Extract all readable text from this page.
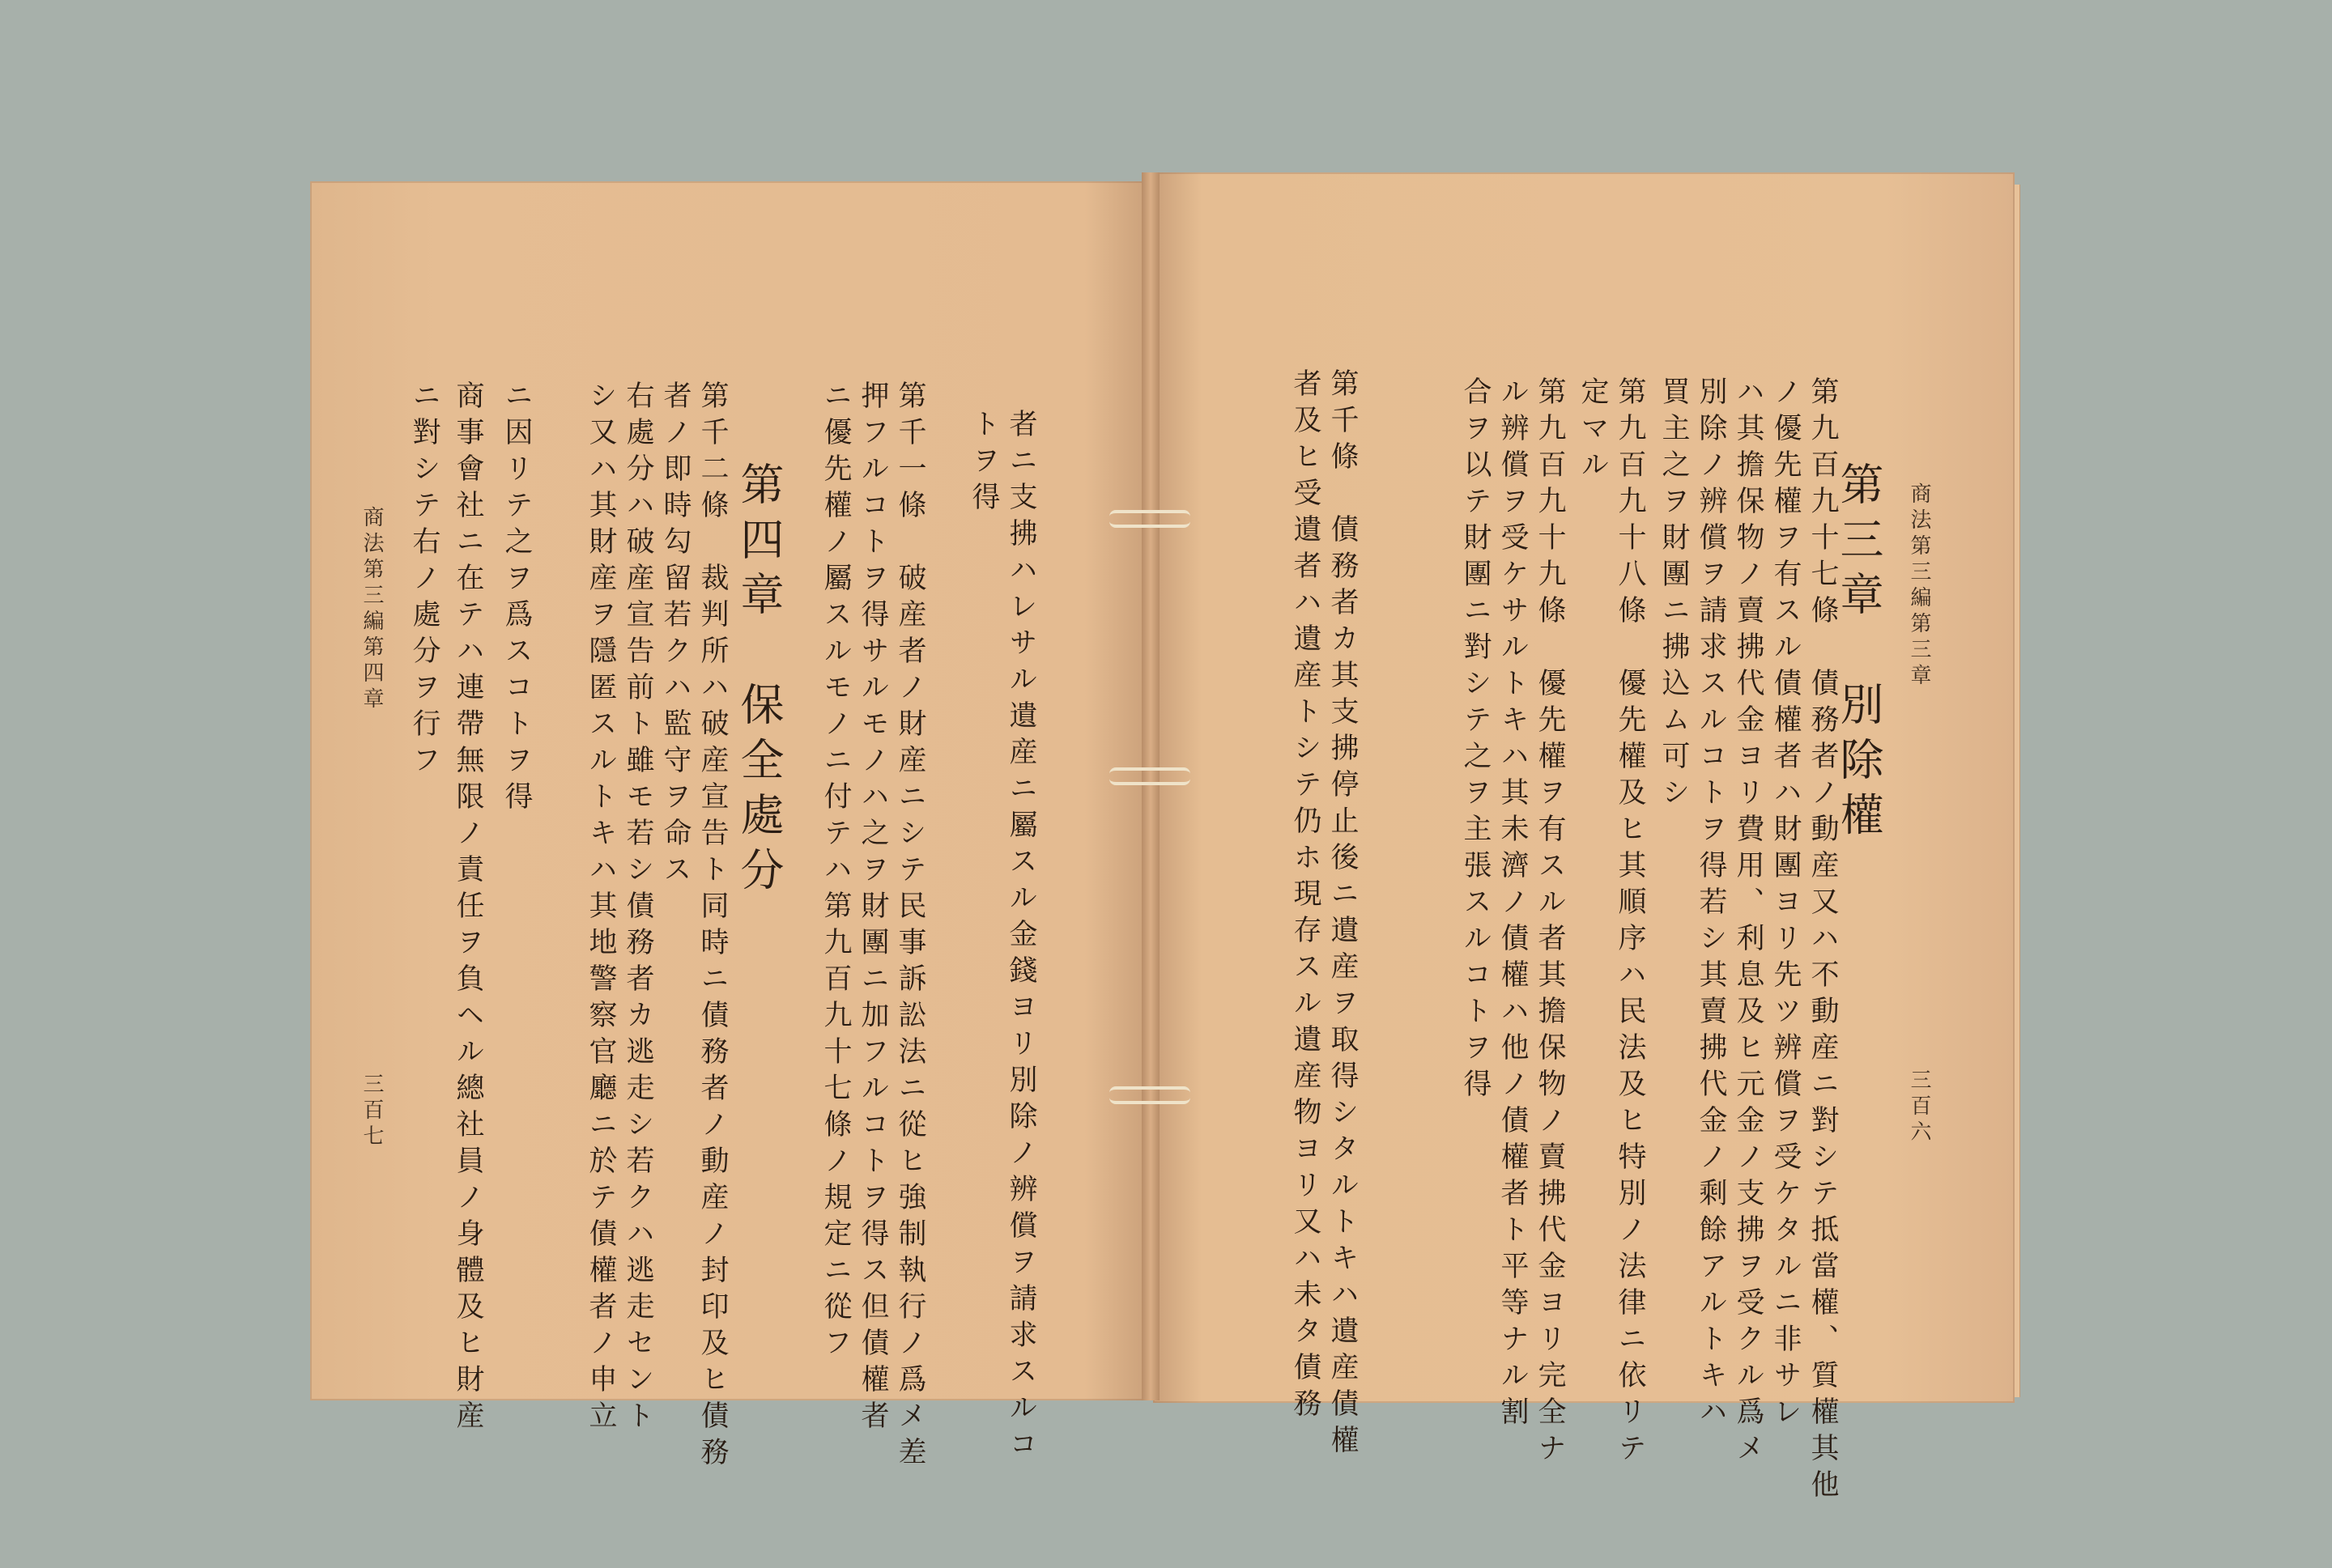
商法第三編第三章
三百六
第三章　別除權
第九百九十七條　債務者ノ動産又ハ不動産ニ對シテ抵當權、質權其他
ノ優先權ヲ有スル債權者ハ財團ヨリ先ツ辨償ヲ受ケタルニ非サレ
ハ其擔保物ノ賣拂代金ヨリ費用、利息及ヒ元金ノ支拂ヲ受クル爲メ
別除ノ辨償ヲ請求スルコトヲ得若シ其賣拂代金ノ剩餘アルトキハ
買主之ヲ財團ニ拂込ム可シ
第九百九十八條　優先權及ヒ其順序ハ民法及ヒ特別ノ法律ニ依リテ
定マル
第九百九十九條　優先權ヲ有スル者其擔保物ノ賣拂代金ヨリ完全ナ
ル辨償ヲ受ケサルトキハ其未濟ノ債權ハ他ノ債權者ト平等ナル割
合ヲ以テ財團ニ對シテ之ヲ主張スルコトヲ得
第千條　債務者カ其支拂停止後ニ遺産ヲ取得シタルトキハ遺産債權
者及ヒ受遺者ハ遺産トシテ仍ホ現存スル遺産物ヨリ又ハ未タ債務
者ニ支拂ハレサル遺産ニ屬スル金錢ヨリ別除ノ辨償ヲ請求スルコ
トヲ得
第千一條　破産者ノ財産ニシテ民事訴訟法ニ從ヒ強制執行ノ爲メ差
押フルコトヲ得サルモノハ之ヲ財團ニ加フルコトヲ得ス但債權者
ニ優先權ノ屬スルモノニ付テハ第九百九十七條ノ規定ニ從フ
第四章　保全處分
第千二條　裁判所ハ破産宣告ト同時ニ債務者ノ動産ノ封印及ヒ債務
者ノ即時勾留若クハ監守ヲ命ス
右處分ハ破産宣告前ト雖モ若シ債務者カ逃走シ若クハ逃走セント
シ又ハ其財産ヲ隱匿スルトキハ其地警察官廳ニ於テ債權者ノ申立
ニ因リテ之ヲ爲スコトヲ得
商事會社ニ在テハ連帶無限ノ責任ヲ負ヘル總社員ノ身體及ヒ財産
ニ對シテ右ノ處分ヲ行フ
商法第三編第四章
三百七
